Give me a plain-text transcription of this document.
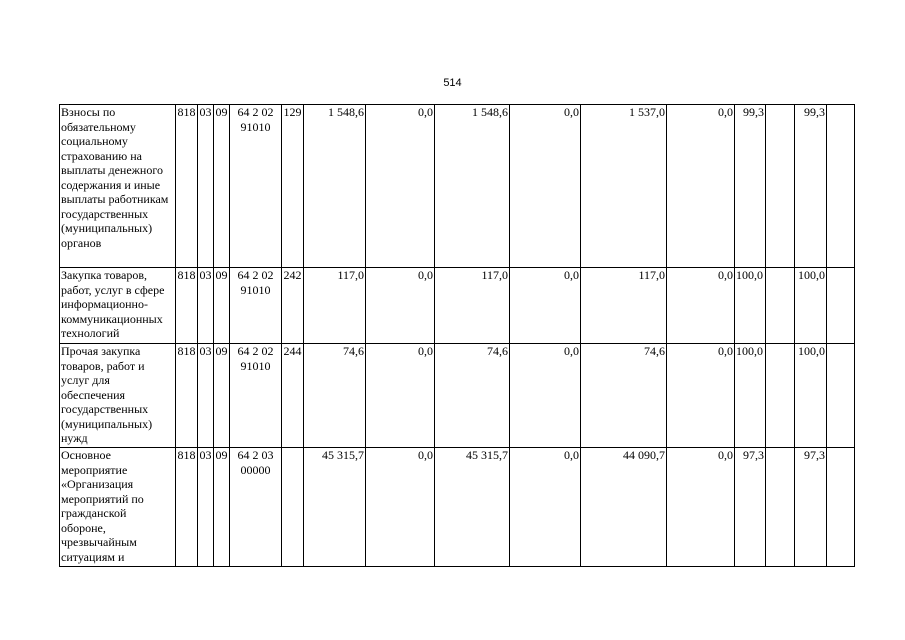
514
Взносы по обязательному социальному страхованию на выплаты денежного содержания и иные выплаты работникам государственных (муниципальных) органов	818	03	09	64 2 02 91010	129	1 548,6	0,0	1 548,6	0,0	1 537,0	0,0	99,3		99,3	
Закупка товаров, работ, услуг в сфере информационно-коммуникационных технологий	818	03	09	64 2 02 91010	242	117,0	0,0	117,0	0,0	117,0	0,0	100,0		100,0	
Прочая закупка товаров, работ и услуг для обеспечения государственных (муниципальных) нужд	818	03	09	64 2 02 91010	244	74,6	0,0	74,6	0,0	74,6	0,0	100,0		100,0	
Основное мероприятие «Организация мероприятий по гражданской обороне, чрезвычайным ситуациям и	818	03	09	64 2 03 00000		45 315,7	0,0	45 315,7	0,0	44 090,7	0,0	97,3		97,3	
